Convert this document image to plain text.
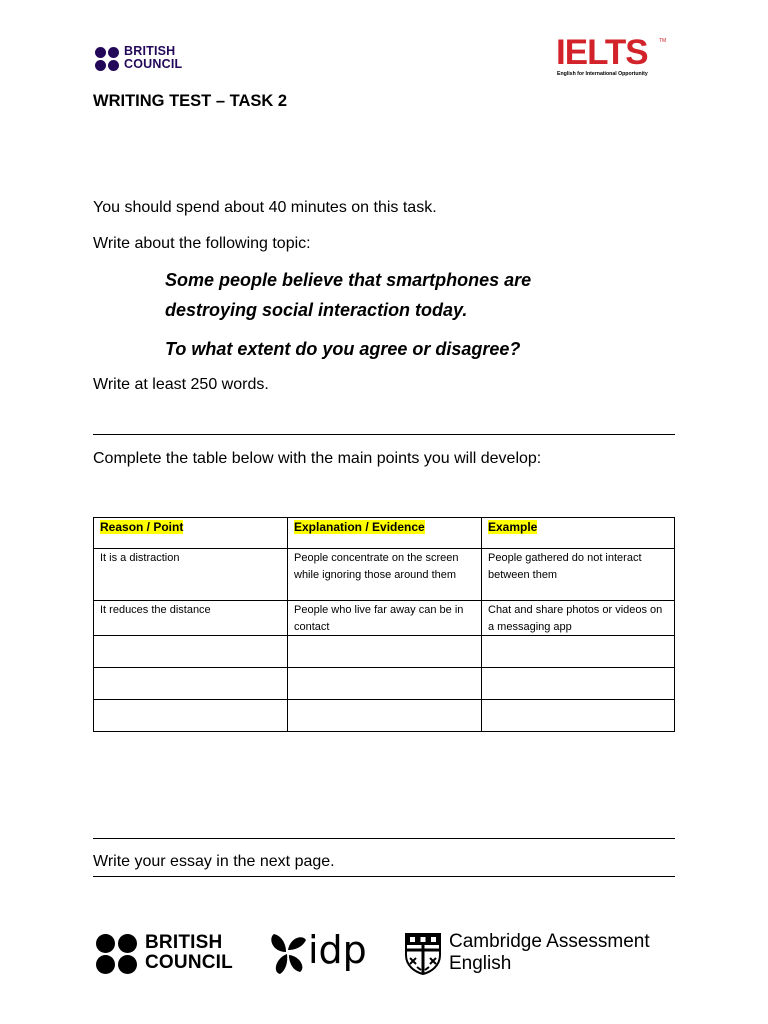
BRITISH
COUNCIL	IELTS TM
English for International Opportunity
WRITING TEST – TASK 2
You should spend about 40 minutes on this task.
Write about the following topic:
Some people believe that smartphones are
destroying social interaction today.
To what extent do you agree or disagree?
Write at least 250 words.
Complete the table below with the main points you will develop:
Reason / Point	Explanation / Evidence	Example
It is a distraction	People concentrate on the screen while ignoring those around them	People gathered do not interact between them
It reduces the distance	People who live far away can be in contact	Chat and share photos or videos on a messaging app

Write your essay in the next page.
BRITISH
COUNCIL idp	Cambridge Assessment
English
